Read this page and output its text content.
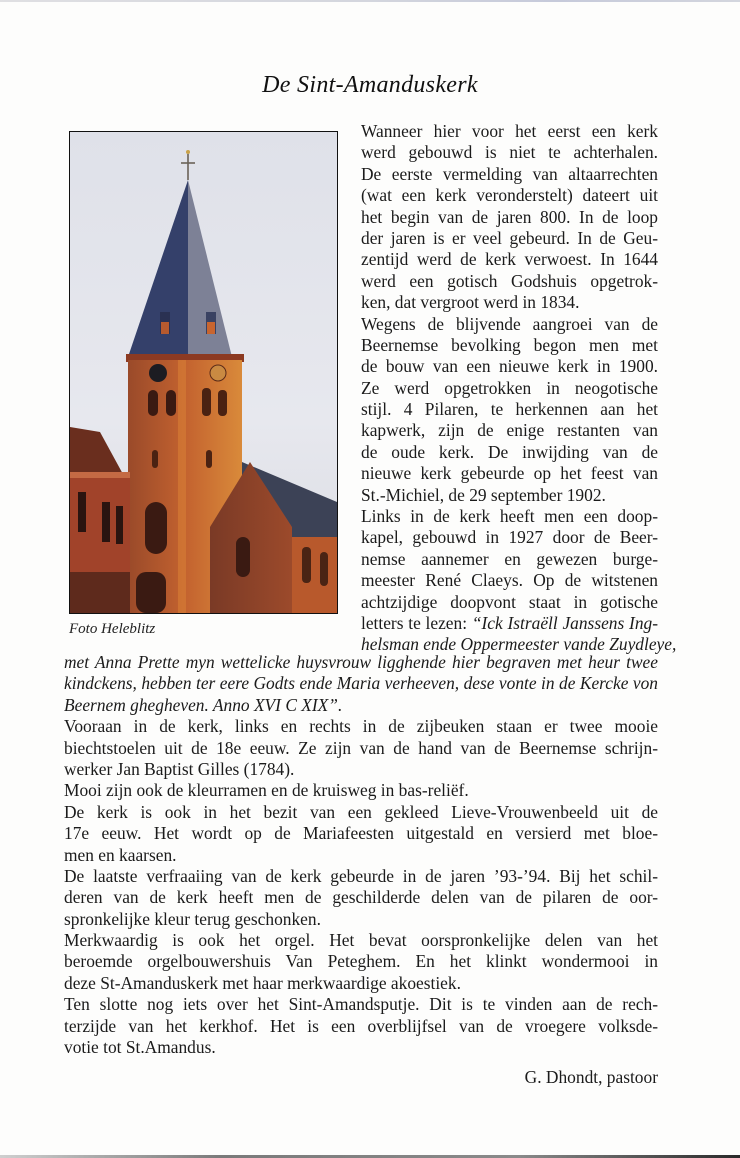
De Sint-Amanduskerk
Foto Heleblitz
Wanneer hier voor het eerst een kerk
werd gebouwd is niet te achterhalen.
De eerste vermelding van altaarrechten
(wat een kerk veronderstelt) dateert uit
het begin van de jaren 800. In de loop
der jaren is er veel gebeurd. In de Geu-
zentijd werd de kerk verwoest. In 1644
werd een gotisch Godshuis opgetrok-
ken, dat vergroot werd in 1834.
Wegens de blijvende aangroei van de
Beernemse bevolking begon men met
de bouw van een nieuwe kerk in 1900.
Ze werd opgetrokken in neogotische
stijl. 4 Pilaren, te herkennen aan het
kapwerk, zijn de enige restanten van
de oude kerk. De inwijding van de
nieuwe kerk gebeurde op het feest van
St.-Michiel, de 29 september 1902.
Links in de kerk heeft men een doop-
kapel, gebouwd in 1927 door de Beer-
nemse aannemer en gewezen burge-
meester René Claeys. Op de witstenen
achtzijdige doopvont staat in gotische
letters te lezen: “Ick Istraëll Janssens Ing-
helsman ende Oppermeester vande Zuydleye,
met Anna Prette myn wettelicke huysvrouw ligghende hier begraven met heur twee
kindckens, hebben ter eere Godts ende Maria verheeven, dese vonte in de Kercke von
Beernem ghegheven. Anno XVI C XIX”.
Vooraan in de kerk, links en rechts in de zijbeuken staan er twee mooie
biechtstoelen uit de 18e eeuw. Ze zijn van de hand van de Beernemse schrijn-
werker Jan Baptist Gilles (1784).
Mooi zijn ook de kleurramen en de kruisweg in bas-reliëf.
De kerk is ook in het bezit van een gekleed Lieve-Vrouwenbeeld uit de
17e eeuw. Het wordt op de Mariafeesten uitgestald en versierd met bloe-
men en kaarsen.
De laatste verfraaiing van de kerk gebeurde in de jaren ’93-’94. Bij het schil-
deren van de kerk heeft men de geschilderde delen van de pilaren de oor-
spronkelijke kleur terug geschonken.
Merkwaardig is ook het orgel. Het bevat oorspronkelijke delen van het
beroemde orgelbouwershuis Van Peteghem. En het klinkt wondermooi in
deze St-Amanduskerk met haar merkwaardige akoestiek.
Ten slotte nog iets over het Sint-Amandsputje. Dit is te vinden aan de rech-
terzijde van het kerkhof. Het is een overblijfsel van de vroegere volksde-
votie tot St.Amandus.
G. Dhondt, pastoor
